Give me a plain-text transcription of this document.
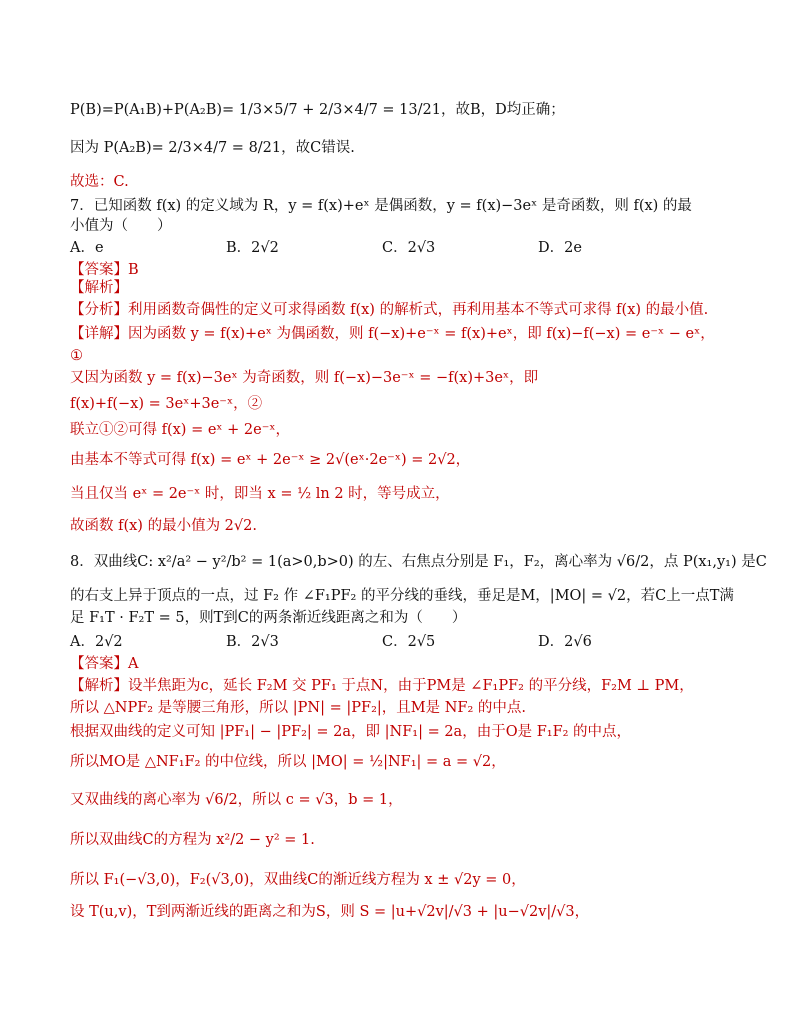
P(B)=P(A₁B)+P(A₂B)= 1/3×5/7 + 2/3×4/7 = 13/21，故B，D均正确；
因为 P(A₂B)= 2/3×4/7 = 8/21，故C错误.
故选：C.
7．已知函数 f(x) 的定义域为 R，y = f(x)+eˣ 是偶函数，y = f(x)−3eˣ 是奇函数，则 f(x) 的最
小值为（　　）
【答案】B
【解析】
【分析】利用函数奇偶性的定义可求得函数 f(x) 的解析式，再利用基本不等式可求得 f(x) 的最小值.
【详解】因为函数 y = f(x)+eˣ 为偶函数，则 f(−x)+e⁻ˣ = f(x)+eˣ，即 f(x)−f(−x) = e⁻ˣ − eˣ，
①
又因为函数 y = f(x)−3eˣ 为奇函数，则 f(−x)−3e⁻ˣ = −f(x)+3eˣ，即
f(x)+f(−x) = 3eˣ+3e⁻ˣ，②
联立①②可得 f(x) = eˣ + 2e⁻ˣ，
由基本不等式可得 f(x) = eˣ + 2e⁻ˣ ≥ 2√(eˣ·2e⁻ˣ) = 2√2，
当且仅当 eˣ = 2e⁻ˣ 时，即当 x = ½ ln 2 时，等号成立，
故函数 f(x) 的最小值为 2√2.
8．双曲线C: x²/a² − y²/b² = 1(a>0,b>0) 的左、右焦点分别是 F₁，F₂，离心率为 √6/2，点 P(x₁,y₁) 是C
的右支上异于顶点的一点，过 F₂ 作 ∠F₁PF₂ 的平分线的垂线，垂足是M，|MO| = √2，若C上一点T满
足 F₁T · F₂T = 5，则T到C的两条渐近线距离之和为（　　）
【答案】A
【解析】设半焦距为c，延长 F₂M 交 PF₁ 于点N，由于PM是 ∠F₁PF₂ 的平分线，F₂M ⊥ PM，
所以 △NPF₂ 是等腰三角形，所以 |PN| = |PF₂|，且M是 NF₂ 的中点.
根据双曲线的定义可知 |PF₁| − |PF₂| = 2a，即 |NF₁| = 2a，由于O是 F₁F₂ 的中点，
所以MO是 △NF₁F₂ 的中位线，所以 |MO| = ½|NF₁| = a = √2，
又双曲线的离心率为 √6/2，所以 c = √3，b = 1，
所以双曲线C的方程为 x²/2 − y² = 1.
所以 F₁(−√3,0)，F₂(√3,0)，双曲线C的渐近线方程为 x ± √2y = 0，
设 T(u,v)，T到两渐近线的距离之和为S，则 S = |u+√2v|/√3 + |u−√2v|/√3，
A．e	B．2√2	C．2√3	D．2e
A．2√2	B．2√3	C．2√5	D．2√6
